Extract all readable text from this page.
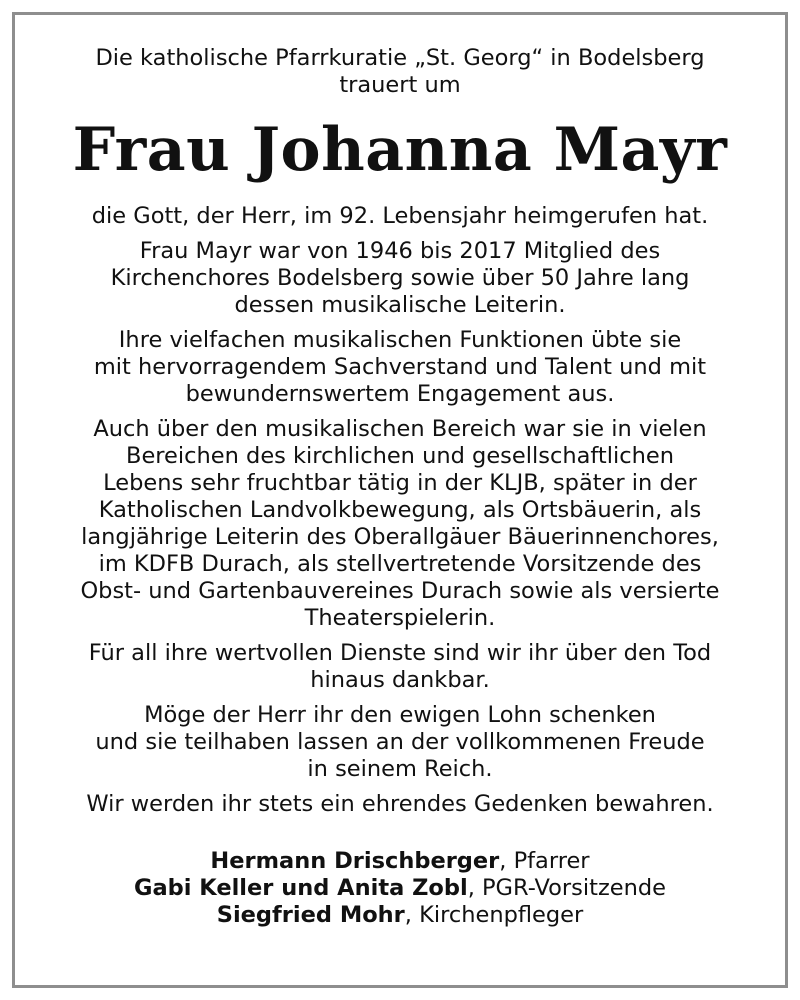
Die katholische Pfarrkuratie „St. Georg“ in Bodelsberg

trauert um

Frau Johanna Mayr

die Gott, der Herr, im 92. Lebensjahr heimgerufen hat.

Frau Mayr war von 1946 bis 2017 Mitglied des

Kirchenchores Bodelsberg sowie über 50 Jahre lang

dessen musikalische Leiterin.

Ihre vielfachen musikalischen Funktionen übte sie

mit hervorragendem Sachverstand und Talent und mit

bewundernswertem Engagement aus.

Auch über den musikalischen Bereich war sie in vielen

Bereichen des kirchlichen und gesellschaftlichen

Lebens sehr fruchtbar tätig in der KLJB, später in der

Katholischen Landvolkbewegung, als Ortsbäuerin, als

langjährige Leiterin des Oberallgäuer Bäuerinnenchores,

im KDFB Durach, als stellvertretende Vorsitzende des

Obst- und Gartenbauvereines Durach sowie als versierte

Theaterspielerin.

Für all ihre wertvollen Dienste sind wir ihr über den Tod

hinaus dankbar.

Möge der Herr ihr den ewigen Lohn schenken

und sie teilhaben lassen an der vollkommenen Freude

in seinem Reich.

Wir werden ihr stets ein ehrendes Gedenken bewahren.

Hermann Drischberger, Pfarrer

Gabi Keller und Anita Zobl, PGR-Vorsitzende

Siegfried Mohr, Kirchenpfleger
